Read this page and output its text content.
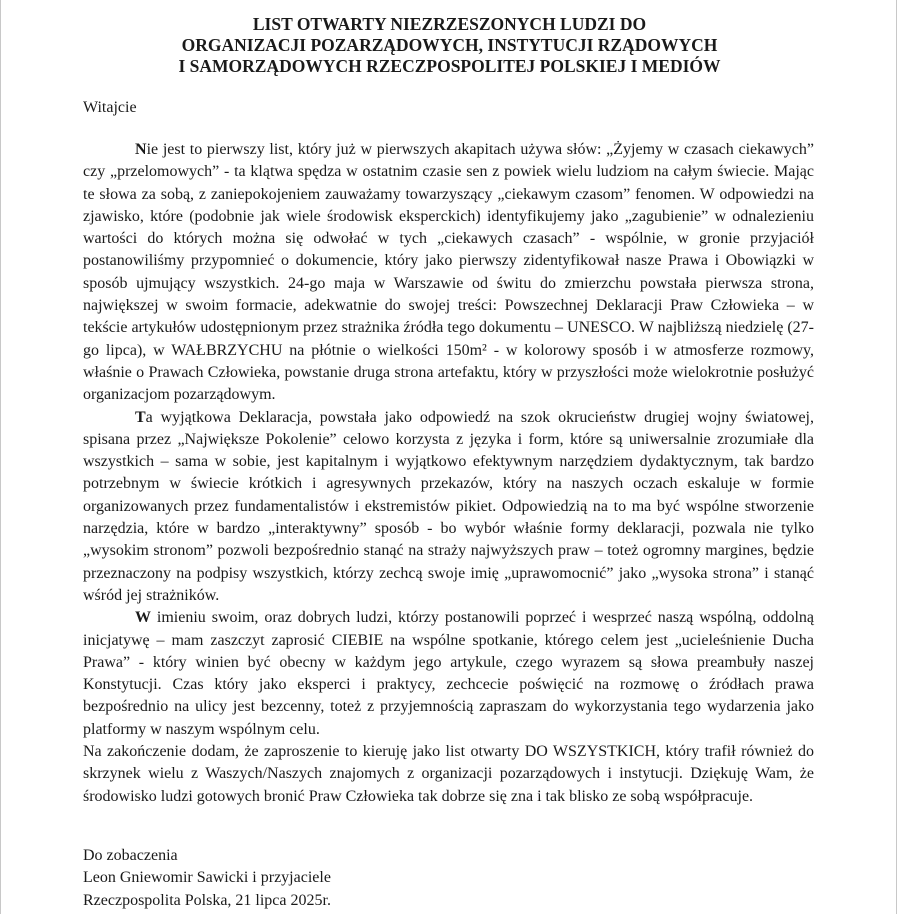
LIST OTWARTY NIEZRZESZONYCH LUDZI DO
ORGANIZACJI POZARZĄDOWYCH, INSTYTUCJI RZĄDOWYCH
I SAMORZĄDOWYCH RZECZPOSPOLITEJ POLSKIEJ I MEDIÓW
Witajcie

Nie jest to pierwszy list, który już w pierwszych akapitach używa słów: „Żyjemy w czasach ciekawych” czy „przelomowych” - ta klątwa spędza w ostatnim czasie sen z powiek wielu ludziom na całym świecie. Mając te słowa za sobą, z zaniepokojeniem zauważamy towarzyszący „ciekawym czasom” fenomen. W odpowiedzi na zjawisko, które (podobnie jak wiele środowisk eksperckich) identyfikujemy jako „zagubienie” w odnalezieniu wartości do których można się odwołać w tych „ciekawych czasach” - wspólnie, w gronie przyjaciół postanowiliśmy przypomnieć o dokumencie, który jako pierwszy zidentyfikował nasze Prawa i Obowiązki w sposób ujmujący wszystkich. 24-go maja w Warszawie od świtu do zmierzchu powstała pierwsza strona, największej w swoim formacie, adekwatnie do swojej treści: Powszechnej Deklaracji Praw Człowieka – w tekście artykułów udostępnionym przez strażnika źródła tego dokumentu – UNESCO. W najbliższą niedzielę (27-go lipca), w WAŁBRZYCHU na płótnie o wielkości 150m² - w kolorowy sposób i w atmosferze rozmowy, właśnie o Prawach Człowieka, powstanie druga strona artefaktu, który w przyszłości może wielokrotnie posłużyć organizacjom pozarządowym.

Ta wyjątkowa Deklaracja, powstała jako odpowiedź na szok okrucieństw drugiej wojny światowej, spisana przez „Największe Pokolenie” celowo korzysta z języka i form, które są uniwersalnie zrozumiałe dla wszystkich – sama w sobie, jest kapitalnym i wyjątkowo efektywnym narzędziem dydaktycznym, tak bardzo potrzebnym w świecie krótkich i agresywnych przekazów, który na naszych oczach eskaluje w formie organizowanych przez fundamentalistów i ekstremistów pikiet. Odpowiedzią na to ma być wspólne stworzenie narzędzia, które w bardzo „interaktywny” sposób - bo wybór właśnie formy deklaracji, pozwala nie tylko „wysokim stronom” pozwoli bezpośrednio stanąć na straży najwyższych praw – toteż ogromny margines, będzie przeznaczony na podpisy wszystkich, którzy zechcą swoje imię „uprawomocnić” jako „wysoka strona” i stanąć wśród jej strażników.

W imieniu swoim, oraz dobrych ludzi, którzy postanowili poprzeć i wesprzeć naszą wspólną, oddolną inicjatywę – mam zaszczyt zaprosić CIEBIE na wspólne spotkanie, którego celem jest „ucieleśnienie Ducha Prawa” - który winien być obecny w każdym jego artykule, czego wyrazem są słowa preambuły naszej Konstytucji. Czas który jako eksperci i praktycy, zechcecie poświęcić na rozmowę o źródłach prawa bezpośrednio na ulicy jest bezcenny, toteż z przyjemnością zapraszam do wykorzystania tego wydarzenia jako platformy w naszym wspólnym celu.

Na zakończenie dodam, że zaproszenie to kieruję jako list otwarty DO WSZYSTKICH, który trafił również do skrzynek wielu z Waszych/Naszych znajomych z organizacji pozarządowych i instytucji. Dziękuję Wam, że środowisko ludzi gotowych bronić Praw Człowieka tak dobrze się zna i tak blisko ze sobą współpracuje.

Do zobaczenia
Leon Gniewomir Sawicki i przyjaciele
Rzeczpospolita Polska, 21 lipca 2025r.
